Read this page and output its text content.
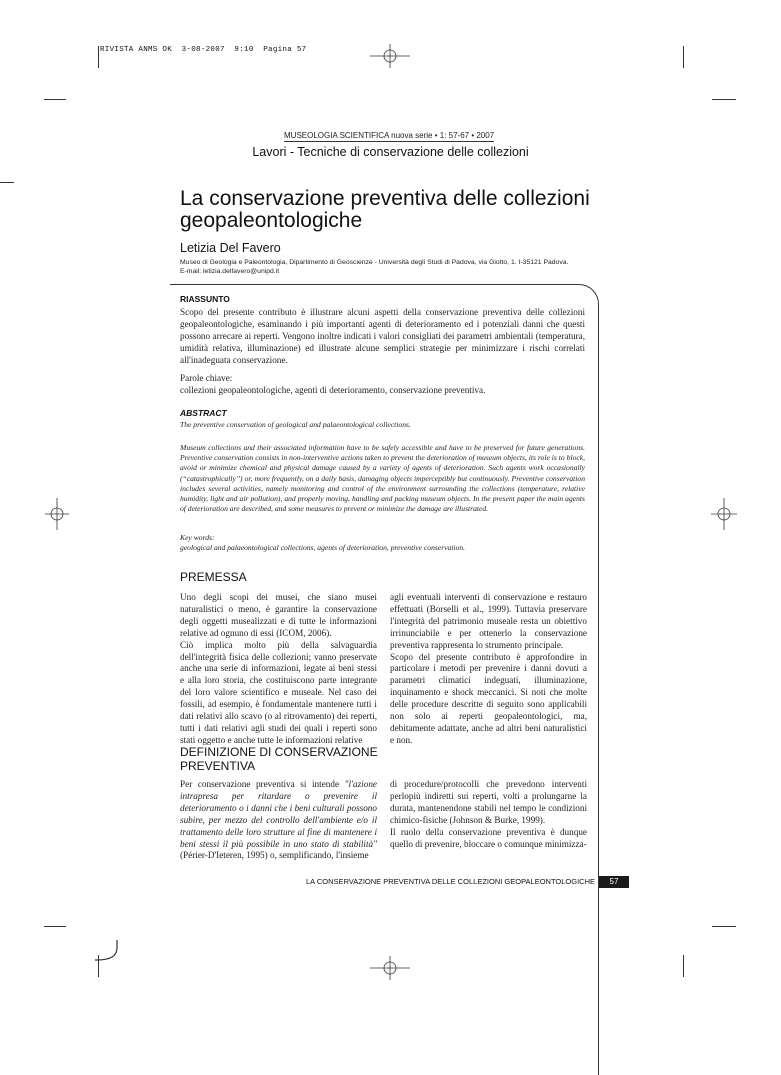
RIVISTA ANMS OK  3-08-2007  9:10  Pagina 57
MUSEOLOGIA SCIENTIFICA nuova serie • 1: 57-67 • 2007
Lavori - Tecniche di conservazione delle collezioni
La conservazione preventiva delle collezioni geopaleontologiche
Letizia Del Favero
Museo di Geologia e Paleontologia, Dipartimento di Geoscienze - Università degli Studi di Padova, via Giotto, 1. I-35121 Padova.
E-mail: letizia.delfavero@unipd.it
RIASSUNTO
Scopo del presente contributo è illustrare alcuni aspetti della conservazione preventiva delle collezioni geopaleontologiche, esaminando i più importanti agenti di deterioramento ed i potenziali danni che questi possono arrecare ai reperti. Vengono inoltre indicati i valori consigliati dei parametri ambientali (temperatura, umidità relativa, illuminazione) ed illustrate alcune semplici strategie per minimizzare i rischi correlati all'inadeguata conservazione.
Parole chiave:
collezioni geopaleontologiche, agenti di deterioramento, conservazione preventiva.
ABSTRACT
The preventive conservation of geological and palaeontological collections.
Museum collections and their associated information have to be safely accessible and have to be preserved for future generations. Preventive conservation consists in non-interventive actions taken to prevent the deterioration of museum objects, its role is to block, avoid or minimize chemical and physical damage caused by a variety of agents of deterioration. Such agents work occasionally (“catastrophically”) or, more frequently, on a daily basis, damaging objects imperceptibly but continuously. Preventive conservation includes several activities, namely monitoring and control of the environment surrounding the collections (temperature, relative humidity, light and air pollution), and properly moving, handling and packing museum objects. In the present paper the main agents of deterioration are described, and some measures to prevent or minimize the damage are illustrated.
Key words:
geological and palaeontological collections, agents of deterioration, preventive conservation.
PREMESSA

Uno degli scopi dei musei, che siano musei naturalistici o meno, è garantire la conservazione degli oggetti musealizzati e di tutte le informazioni relative ad ognuno di essi (ICOM, 2006).

Ciò implica molto più della salvaguardia dell'integrità fisica delle collezioni; vanno preservate anche una serie di informazioni, legate ai beni stessi e alla loro storia, che costituiscono parte integrante del loro valore scientifico e museale. Nel caso dei fossili, ad esempio, è fondamentale mantenere tutti i dati relativi allo scavo (o al ritrovamento) dei reperti, tutti i dati relativi agli studi dei quali i reperti sono stati oggetto e anche tutte le informazioni relative

agli eventuali interventi di conservazione e restauro effettuati (Borselli et al., 1999). Tuttavia preservare l'integrità del patrimonio museale resta un obiettivo irrinunciabile e per ottenerlo la conservazione preventiva rappresenta lo strumento principale.

Scopo del presente contributo è approfondire in particolare i metodi per prevenire i danni dovuti a parametri climatici indeguati, illuminazione, inquinamento e shock meccanici. Si noti che molte delle procedure descritte di seguito sono applicabili non solo ai reperti geopaleontologici, ma, debitamente adattate, anche ad altri beni naturalistici e non.

DEFINIZIONE DI CONSERVAZIONE PREVENTIVA

Per conservazione preventiva si intende "l'azione intrapresa per ritardare o prevenire il deterioramento o i danni che i beni culturali possono subire, per mezzo del controllo dell'ambiente e/o il trattamento delle loro strutture al fine di mantenere i beni stessi il più possibile in uno stato di stabilità" (Périer-D'Ieteren, 1995) o, semplificando, l'insieme

di procedure/protocolli che prevedono interventi perlopiù indiretti sui reperti, volti a prolungarne la durata, mantenendone stabili nel tempo le condizioni chimico-fisiche (Johnson & Burke, 1999).

Il ruolo della conservazione preventiva è dunque quello di prevenire, bloccare o comunque minimizza-

LA CONSERVAZIONE PREVENTIVA DELLE COLLEZIONI GEOPALEONTOLOGICHE	57
